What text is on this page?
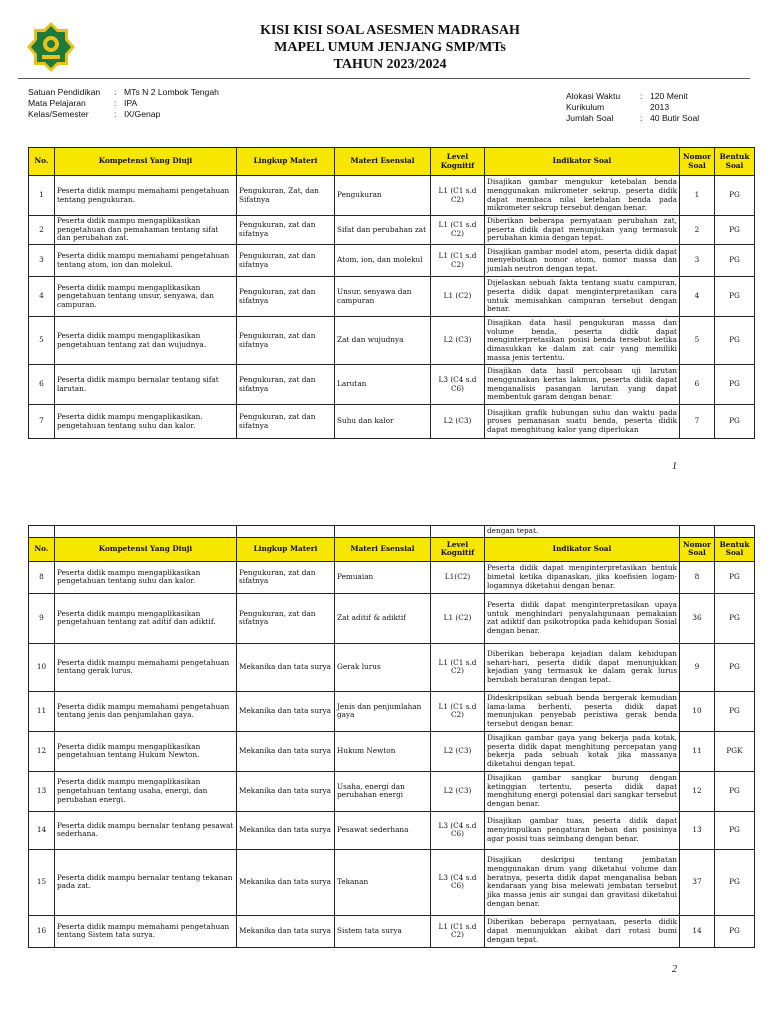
KISI KISI SOAL ASESMEN MADRASAH
MAPEL UMUM JENJANG SMP/MTs
TAHUN 2023/2024
Satuan Pendidikan : MTs N 2 Lombok Tengah
Mata Pelajaran	: IPA
Kelas/Semester	: IX/Genap
Alokasi Waktu : 120 Menit
Kurikulum	2013
Jumlah Soal	: 40 Butir Soal
No.	Kompetensi Yang Diuji	Lingkup Materi	Materi Esensial	Level Kognitif	Indikator Soal	Nomor Soal	Bentuk Soal
1	Peserta didik mampu memahami pengetahuan tentang pengukuran.	Pengukuran, Zat, dan Sifatnya	Pengukuran	L1 (C1 s.d C2)	Disajikan gambar mengukur ketebalan benda menggunakan mikrometer sekrup. peserta didik dapat membaca nilai ketebalan benda pada mikrometer sekrup tersebut dengan benar.	1	PG
2	Peserta didik mampu mengaplikasikan pengetahuan dan pemahaman tentang sifat dan perubahan zat.	Pengukuran, zat dan sifatnya	Sifat dan perubahan zat	L1 (C1 s.d C2)	Diberikan beberapa pernyataan perubahan zat, peserta didik dapat menunjukan yang termasuk perubahan kimia dengan tepat.	2	PG
3	Peserta didik mampu memahami pengetahuan tentang atom, ion dan molekul.	Pengukuran, zat dan sifatnya	Atom, ion, dan molekul	L1 (C1 s.d C2)	Disajikan gambar model atom, peserta didik dapat menyebutkan nomor atom, nomor massa dan jumlah neutron dengan tepat.	3	PG
4	Peserta didik mampu mengaplikasikan pengetahuan tentang unsur, senyawa, dan campuran.	Pengukuran, zat dan sifatnya	Unsur, senyawa dan campuran	L1 (C2)	Dijelaskan sebuah fakta tentang suatu campuran, peserta didik dapat menginterpretasikan cara untuk memisahkan campuran tersebut dengan benar.	4	PG
5	Peserta didik mampu mengaplikasikan pengetahuan tentang zat dan wujudnya.	Pengukuran, zat dan sifatnya	Zat dan wujudnya	L2 (C3)	Disajikan data hasil pengukuran massa dan volume benda, peserta didik dapat menginterpretasikan posisi benda tersebut ketika dimasukkan ke dalam zat cair yang memiliki massa jenis tertentu.	5	PG
6	Peserta didik mampu bernalar tentang sifat larutan.	Pengukuran, zat dan sifatnya	Larutan	L3 (C4 s.d C6)	Disajikan data hasil percobaan uji larutan menggunakan kertas lakmus, peserta didik dapat menganalisis pasangan larutan yang dapat membentuk garam dengan benar.	6	PG
7	Peserta didik mampu mengaplikasikan. pengetahuan tentang suhu dan kalor.	Pengukuran, zat dan sifatnya	Suhu dan kalor	L2 (C3)	Disajikan grafik hubungan suhu dan waktu pada proses pemanasan suatu benda, peserta didik dapat menghitung kalor yang diperlukan	7	PG
1
					dengan tepat.		
No.	Kompetensi Yang Diuji	Lingkup Materi	Materi Esensial	Level Kognitif	Indikator Soal	Nomor Soal	Bentuk Soal
8	Peserta didik mampu mengaplikasikan pengetahuan tentang suhu dan kalor.	Pengukuran, zat dan sifatnya	Pemuaian	L1(C2)	Peserta didik dapat menginterpretasikan bentuk bimetal ketika dipanaskan, jika koefisien logam-logamnya diketahui dengan benar.	8	PG
9	Peserta didik mampu mengaplikasikan pengetahuan tentang zat aditif dan adiktif.	Pengukuran, zat dan sifatnya	Zat aditif & adiktif	L1 (C2)	Peserta didik dapat menginterpretasikan upaya untuk menghindari penyalahgunaan pemakaian zat adiktif dan psikotropika pada kehidupan Sosial dengan benar.	36	PG
10	Peserta didik mampu memahami pengetahuan tentang gerak lurus.	Mekanika dan tata surya	Gerak lurus	L1 (C1 s.d C2)	Diberikan beberapa kejadian dalam kehidupan sehari-hari, peserta didik dapat menunjukkan kejadian yang termasuk ke dalam gerak lurus berubah beraturan dengan tepat.	9	PG
11	Peserta didik mampu memahami pengetahuan tentang jenis dan penjumlahan gaya.	Mekanika dan tata surya	Jenis dan penjumlahan gaya	L1 (C1 s.d C2)	Dideskripsikan sebuah benda bergerak kemudian lama-lama berhenti, peserta didik dapat menunjukan penyebab peristiwa gerak benda tersebut dengan benar.	10	PG
12	Peserta didik mampu mengaplikasikan pengetahuan tentang Hukum Newton.	Mekanika dan tata surya	Hukum Newton	L2 (C3)	Disajikan gambar gaya yang bekerja pada kotak, peserta didik dapat menghitung percepatan yang bekerja pada sebuah kotak jika massanya diketahui dengan tepat.	11	PGK
13	Peserta didik mampu mengaplikasikan pengetahuan tentang usaha, energi, dan perubahan energi.	Mekanika dan tata surya	Usaha, energi dan perubahan energi	L2 (C3)	Disajikan gambar sangkar burung dengan ketinggian tertentu, peserta didik dapat menghitung energi potensial dari sangkar tersebut dengan benar.	12	PG
14	Peserta didik mampu bernalar tentang pesawat sederhana.	Mekanika dan tata surya	Pesawat sederhana	L3 (C4 s.d C6)	Disajikan gambar tuas, peserta didik dapat menyimpulkan pengaturan beban dan posisinya agar posisi tuas seimbang dengan benar.	13	PG
15	Peserta didik mampu bernalar tentang tekanan pada zat.	Mekanika dan tata surya	Tekanan	L3 (C4 s.d C6)	Disajikan deskripsi tentang jembatan menggunakan drum yang diketahui volume dan beratnya, peserta didik dapat menganalisa beban kendaraan yang bisa melewati jembatan tersebut jika massa jenis air sungai dan gravitasi diketahui dengan benar.	37	PG
16	Peserta didik mampu memahami pengetahuan tentang Sistem tata surya.	Mekanika dan tata surya	Sistem tata surya	L1 (C1 s.d C2)	Diberikan beberapa pernyataan, peserta didik dapat menunjukkan akibat dari rotasi bumi dengan tepat.	14	PG
2
